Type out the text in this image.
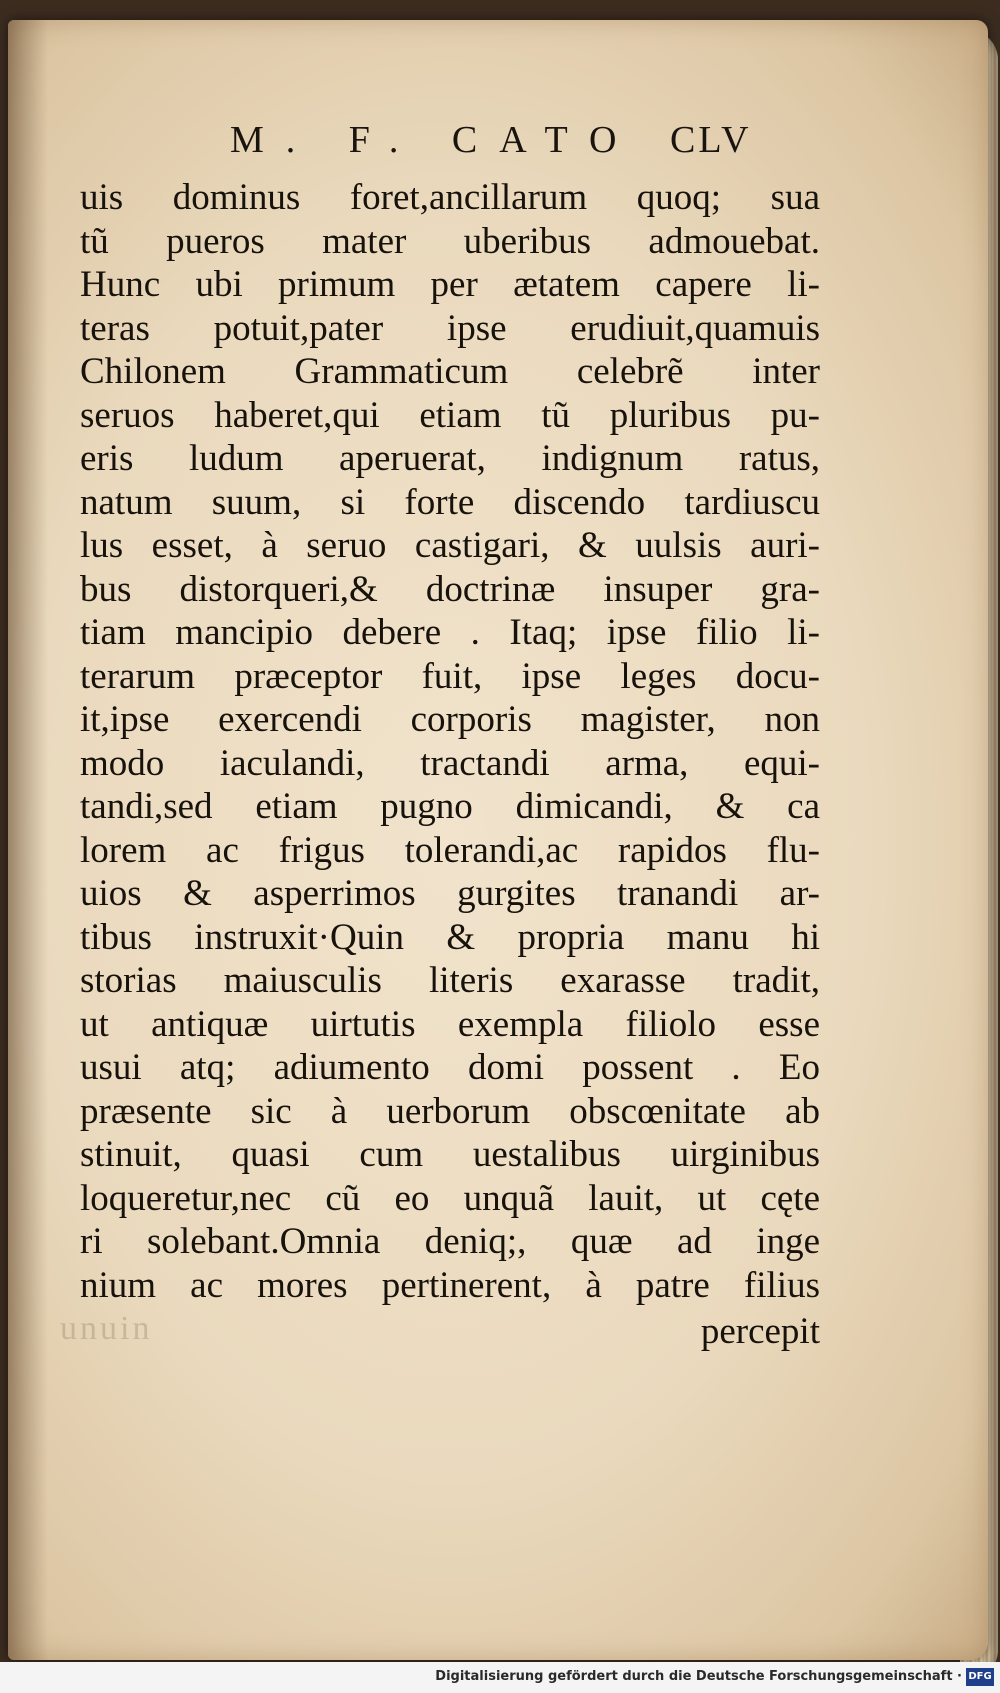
M. F. CATO CLV
uis dominus foret,ancillarum quoq; sua
tũ pueros mater uberibus admouebat.
Hunc ubi primum per ætatem capere li-
teras potuit,pater ipse erudiuit,quamuis
Chilonem Grammaticum celebrẽ inter
seruos haberet,qui etiam tũ pluribus pu-
eris ludum aperuerat, indignum ratus,
natum suum, si forte discendo tardiuscu
lus esset, à seruo castigari, & uulsis auri-
bus distorqueri,& doctrinæ insuper gra-
tiam mancipio debere . Itaq; ipse filio li-
terarum præceptor fuit, ipse leges docu-
it,ipse exercendi corporis magister, non
modo iaculandi, tractandi arma, equi-
tandi,sed etiam pugno dimicandi, & ca
lorem ac frigus tolerandi,ac rapidos flu-
uios & asperrimos gurgites tranandi ar-
tibus instruxit·Quin & propria manu hi
storias maiusculis literis exarasse tradit,
ut antiquæ uirtutis exempla filiolo esse
usui atq; adiumento domi possent . Eo
præsente sic à uerborum obscœnitate ab
stinuit, quasi cum uestalibus uirginibus
loqueretur,nec cũ eo unquã lauit, ut cęte
ri solebant.Omnia deniq;, quæ ad inge
nium ac mores pertinerent, à patre filius
unuin	percepit
Digitalisierung gefördert durch die Deutsche Forschungsgemeinschaft · DFG
